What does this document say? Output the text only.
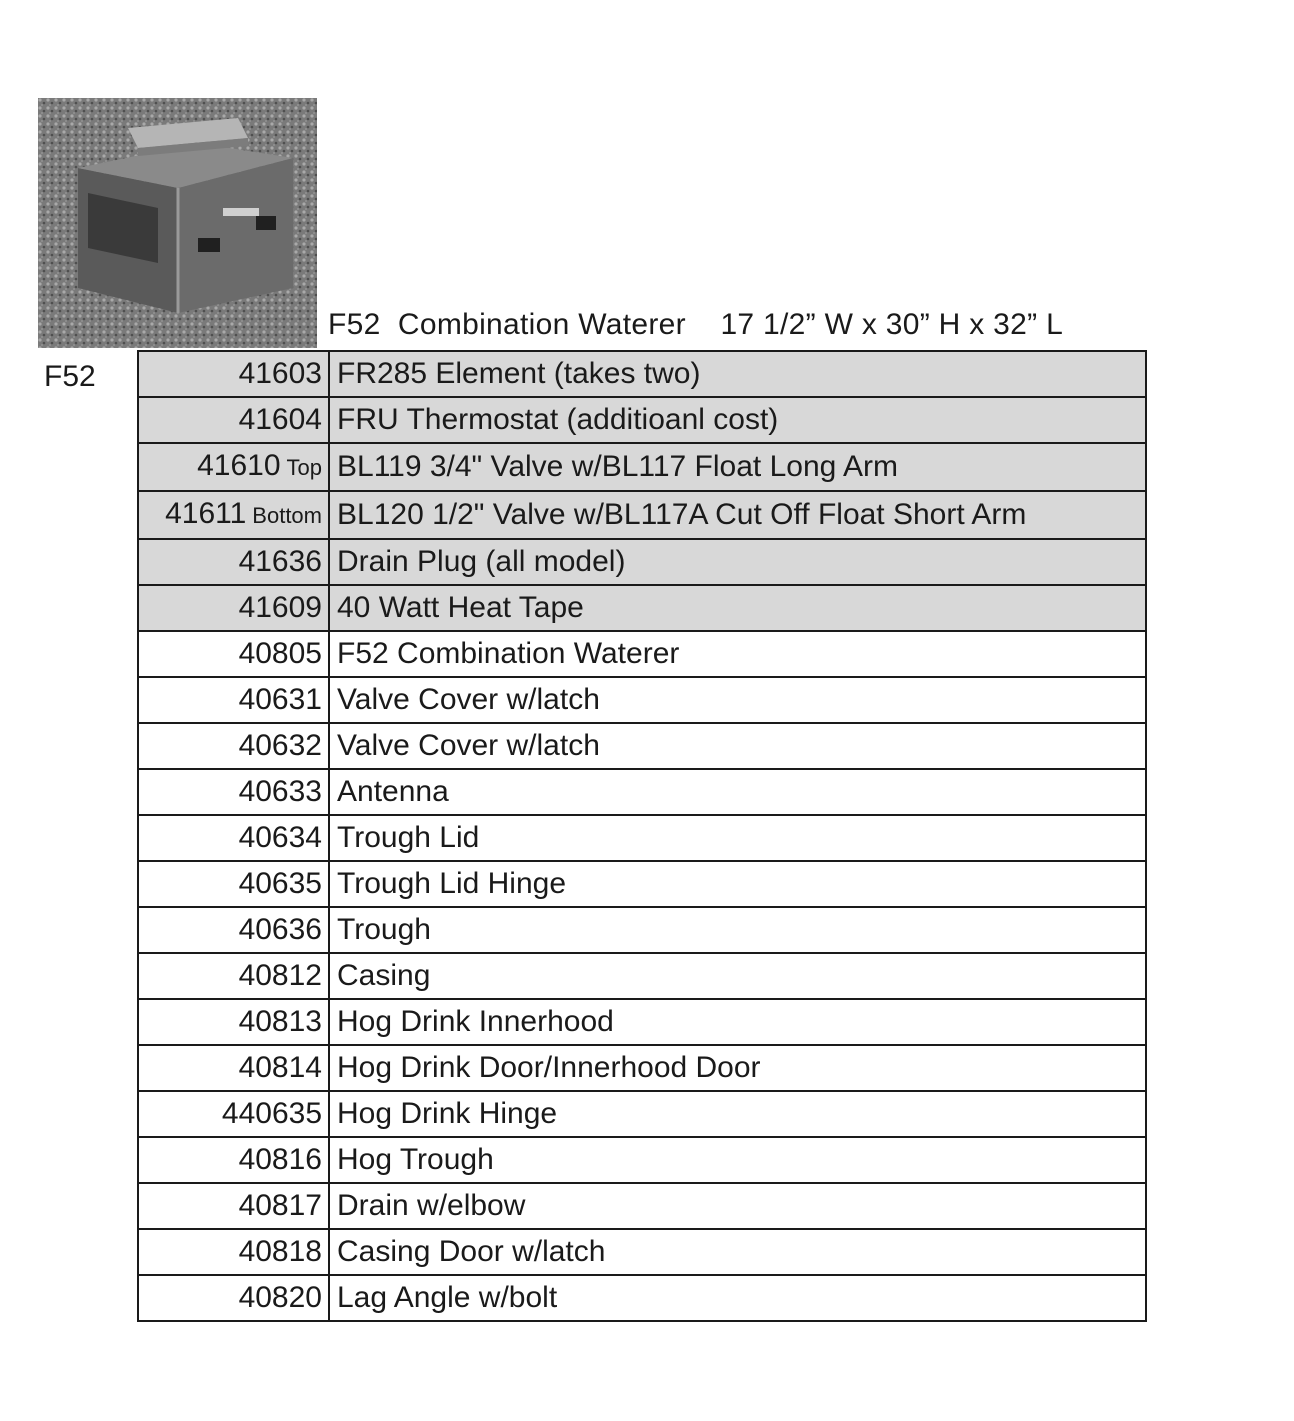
F52  Combination Waterer    17 1/2” W x 30” H x 32” L
F52	41603	FR285 Element (takes two)
41604	FRU Thermostat (additioanl cost)
41610 Top	BL119 3/4" Valve w/BL117 Float Long Arm
41611 Bottom	BL120 1/2" Valve w/BL117A Cut Off Float Short Arm
41636	Drain Plug (all model)
41609	40 Watt Heat Tape
40805	F52 Combination Waterer
40631	Valve Cover w/latch
40632	Valve Cover w/latch
40633	Antenna
40634	Trough Lid
40635	Trough Lid Hinge
40636	Trough
40812	Casing
40813	Hog Drink Innerhood
40814	Hog Drink Door/Innerhood Door
440635	Hog Drink Hinge
40816	Hog Trough
40817	Drain w/elbow
40818	Casing Door w/latch
40820	Lag Angle w/bolt
